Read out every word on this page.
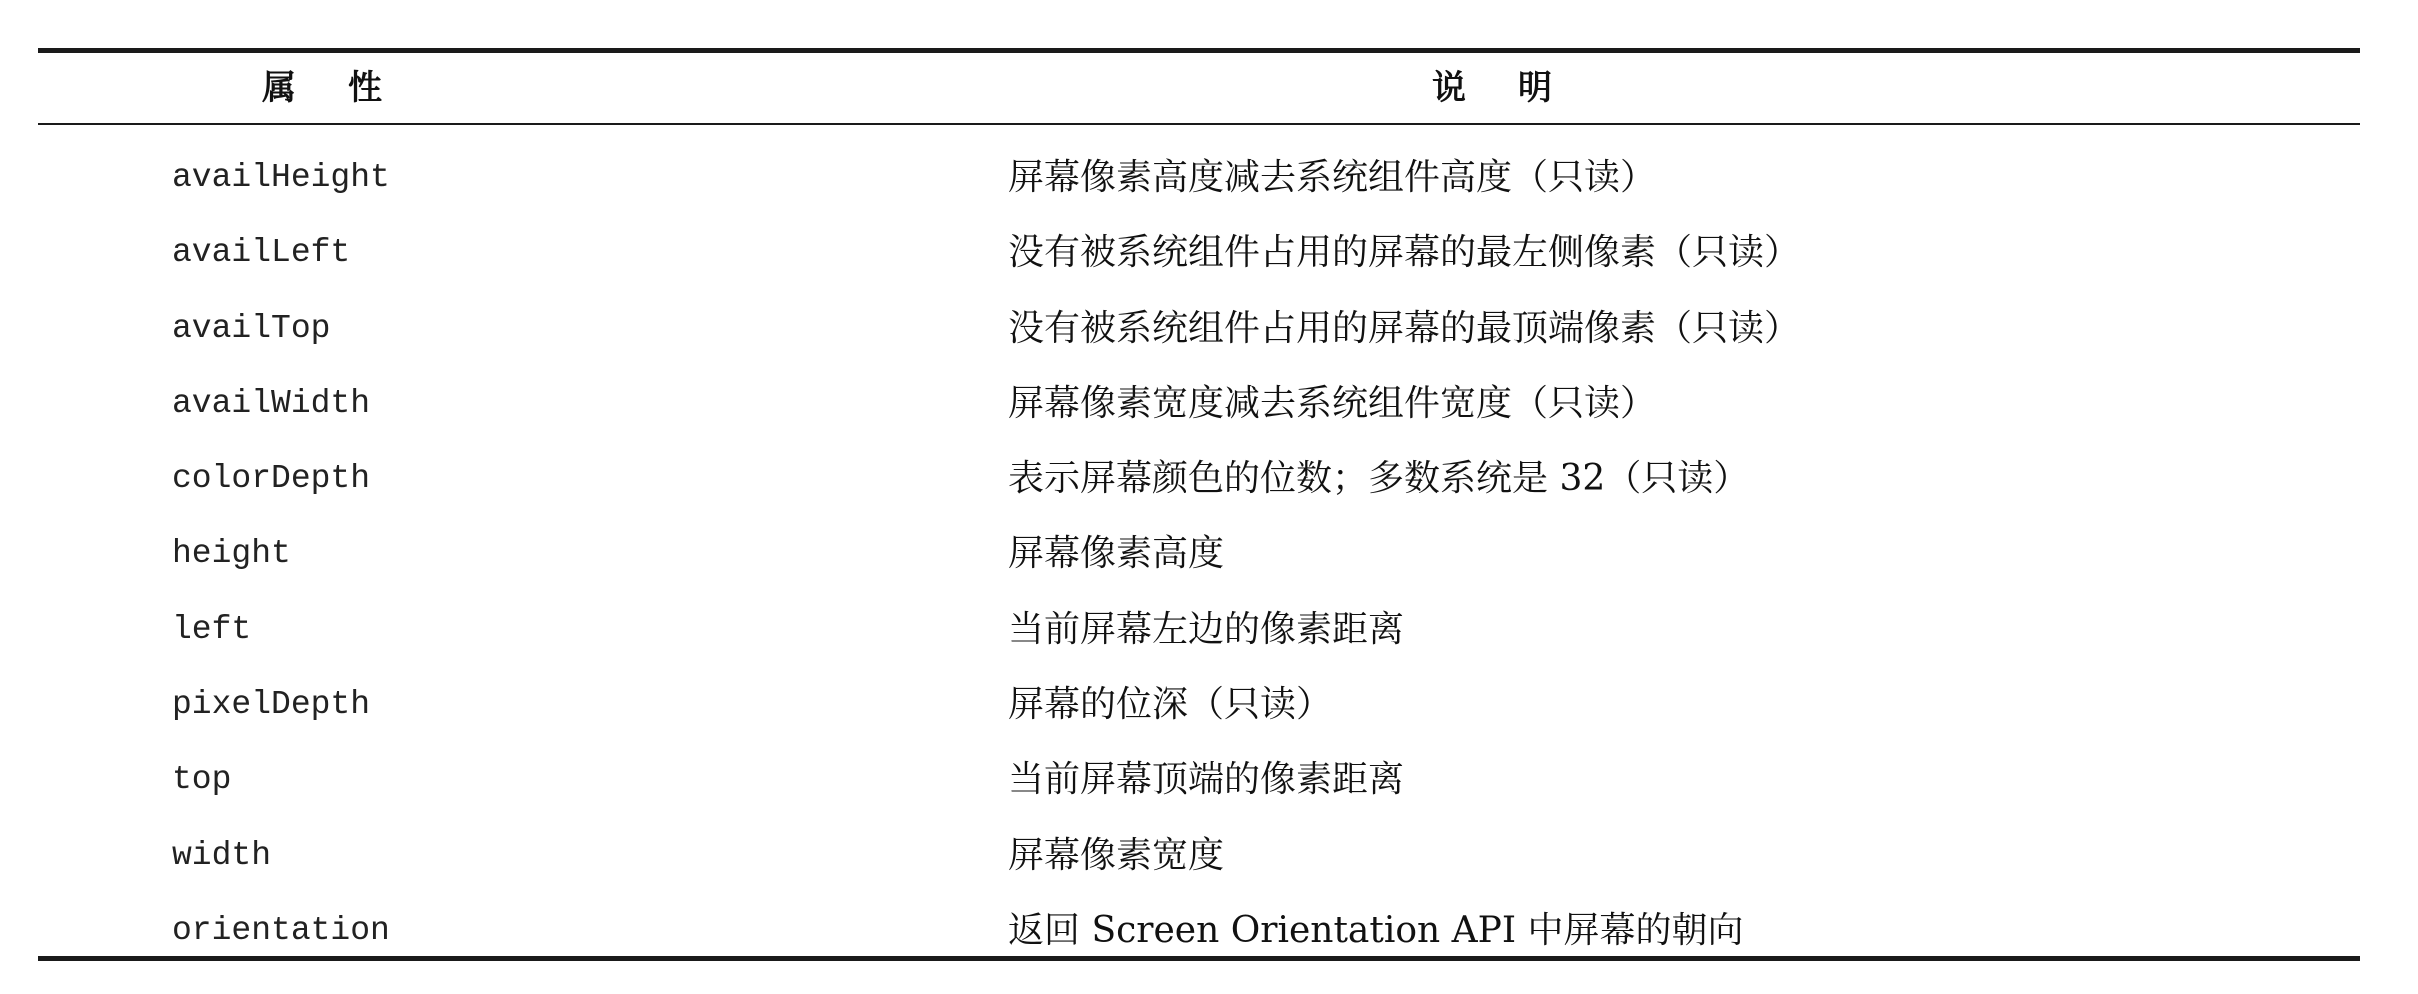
属性	说明
availHeight	屏幕像素高度减去系统组件高度（只读）
availLeft	没有被系统组件占用的屏幕的最左侧像素（只读）
availTop	没有被系统组件占用的屏幕的最顶端像素（只读）
availWidth	屏幕像素宽度减去系统组件宽度（只读）
colorDepth	表示屏幕颜色的位数；多数系统是 32（只读）
height	屏幕像素高度
left	当前屏幕左边的像素距离
pixelDepth	屏幕的位深（只读）
top	当前屏幕顶端的像素距离
width	屏幕像素宽度
orientation	返回 Screen Orientation API 中屏幕的朝向
